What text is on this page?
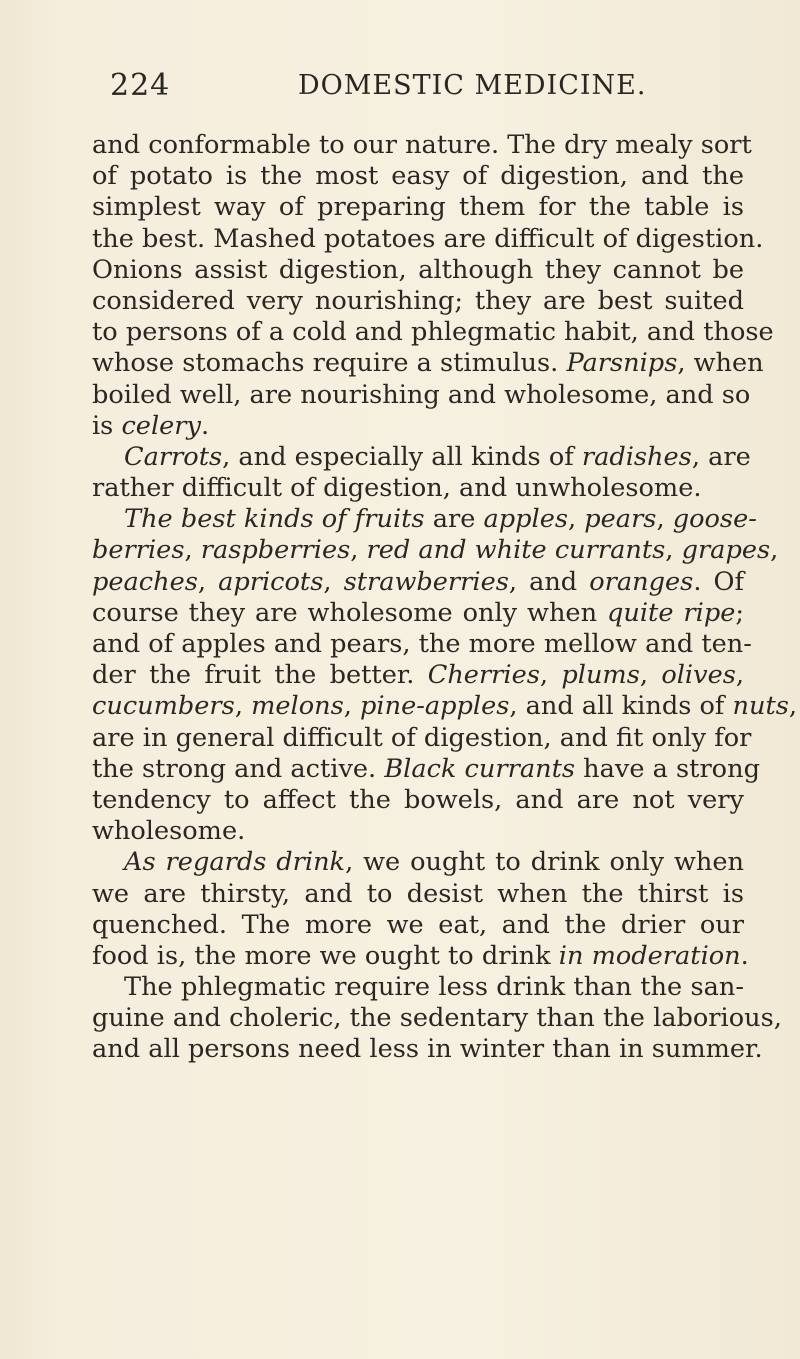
224	DOMESTIC MEDICINE.
and conformable to our nature. The dry mealy sort
of potato is the most easy of digestion, and the
simplest way of preparing them for the table is
the best. Mashed potatoes are difficult of digestion.
Onions assist digestion, although they cannot be
considered very nourishing; they are best suited
to persons of a cold and phlegmatic habit, and those
whose stomachs require a stimulus. Parsnips, when
boiled well, are nourishing and wholesome, and so
is celery.
Carrots, and especially all kinds of radishes, are
rather difficult of digestion, and unwholesome.
The best kinds of fruits are apples, pears, goose-
berries, raspberries, red and white currants, grapes,
peaches, apricots, strawberries, and oranges. Of
course they are wholesome only when quite ripe;
and of apples and pears, the more mellow and ten-
der the fruit the better. Cherries, plums, olives,
cucumbers, melons, pine-apples, and all kinds of nuts,
are in general difficult of digestion, and fit only for
the strong and active. Black currants have a strong
tendency to affect the bowels, and are not very
wholesome.
As regards drink, we ought to drink only when
we are thirsty, and to desist when the thirst is
quenched. The more we eat, and the drier our
food is, the more we ought to drink in moderation.
The phlegmatic require less drink than the san-
guine and choleric, the sedentary than the laborious,
and all persons need less in winter than in summer.
